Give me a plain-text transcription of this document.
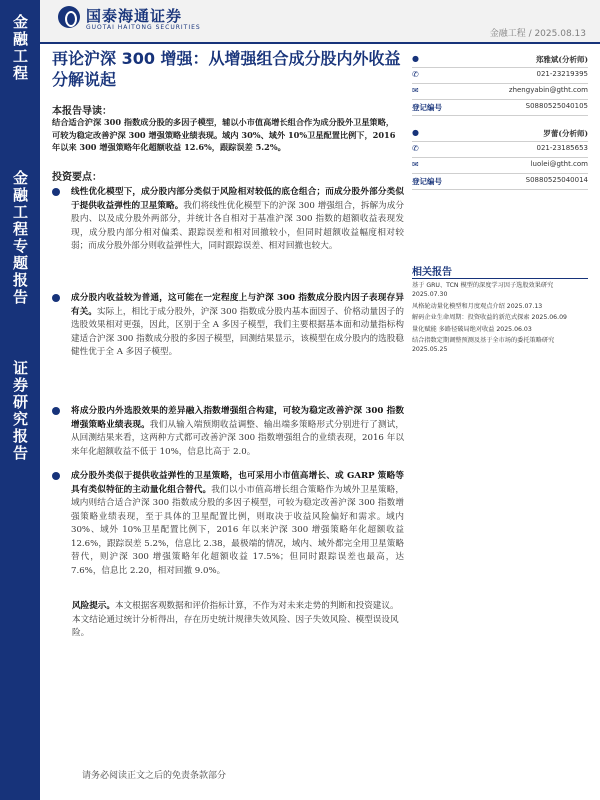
金融工程
金融工程专题报告
证券研究报告
国泰海通证券
GUOTAI HAITONG SECURITIES
金融工程 / 2025.08.13
再论沪深 300 增强：从增强组合成分股内外收益分解说起
本报告导读：
结合适合沪深 300 指数成分股的多因子模型，辅以小市值高增长组合作为成分股外卫星策略，可较为稳定改善沪深 300 增强策略业绩表现。域内 30%、域外 10%卫星配置比例下，2016 年以来 300 增强策略年化超额收益 12.6%，跟踪误差 5.2%。
投资要点：
线性优化模型下，成分股内部分类似于风险相对较低的底仓组合；而成分股外部分类似于提供收益弹性的卫星策略。我们将线性优化模型下的沪深 300 增强组合，拆解为成分股内、以及成分股外两部分，并统计各自相对于基准沪深 300 指数的超额收益表现发现，成分股内部分相对偏柔、跟踪误差和相对回撤较小，但同时超额收益幅度相对较弱；而成分股外部分则收益弹性大，同时跟踪误差、相对回撤也较大。
成分股内收益较为普通，这可能在一定程度上与沪深 300 指数成分股内因子表现存异有关。实际上，相比于成分股外，沪深 300 指数成分股内基本面因子、价格动量因子的选股效果相对更强，因此，区别于全 A 多因子模型，我们主要根据基本面和动量指标构建适合沪深 300 指数成分股的多因子模型，回测结果显示，该模型在成分股内的选股稳健性优于全 A 多因子模型。
将成分股内外选股效果的差异融入指数增强组合构建，可较为稳定改善沪深 300 指数增强策略业绩表现。我们从输入端预期收益调整、输出端多策略形式分别进行了测试，从回测结果来看，这两种方式都可改善沪深 300 指数增强组合的业绩表现，2016 年以来年化超额收益不低于 10%，信息比高于 2.0。
成分股外类似于提供收益弹性的卫星策略，也可采用小市值高增长、或 GARP 策略等具有类似特征的主动量化组合替代。我们以小市值高增长组合策略作为域外卫星策略，域内则结合适合沪深 300 指数成分股的多因子模型，可较为稳定改善沪深 300 指数增强策略业绩表现，至于具体的卫星配置比例，则取决于收益风险偏好和需求。域内 30%、域外 10%卫星配置比例下，2016 年以来沪深 300 增强策略年化超额收益 12.6%，跟踪误差 5.2%，信息比 2.38，最极端的情况，域内、域外都完全用卫星策略替代，则沪深 300 增强策略年化超额收益 17.5%；但同时跟踪误差也最高，达 7.6%，信息比 2.20，相对回撤 9.0%。
风险提示。本文根据客观数据和评价指标计算，不作为对未来走势的判断和投资建议。本文结论通过统计分析得出，存在历史统计规律失效风险、因子失效风险、模型误设风险。
请务必阅读正文之后的免责条款部分
●	郑雅斌(分析师)
✆	021-23219395
✉	zhengyabin@gtht.com
登记编号	S0880525040105
●	罗蕾(分析师)
✆	021-23185653
✉	luolei@gtht.com
登记编号	S0880525040014
相关报告
基于 GRU、TCN 模型的深度学习因子选股效果研究 2025.07.30
风格轮动量化模型和月度观点介绍 2025.07.13
解码企业生命周期：投资收益的新范式探索 2025.06.09
量化赋能 多路径破局绝对收益 2025.06.03
结合指数定期调整预测及基于全市场的委托策略研究 2025.05.25
